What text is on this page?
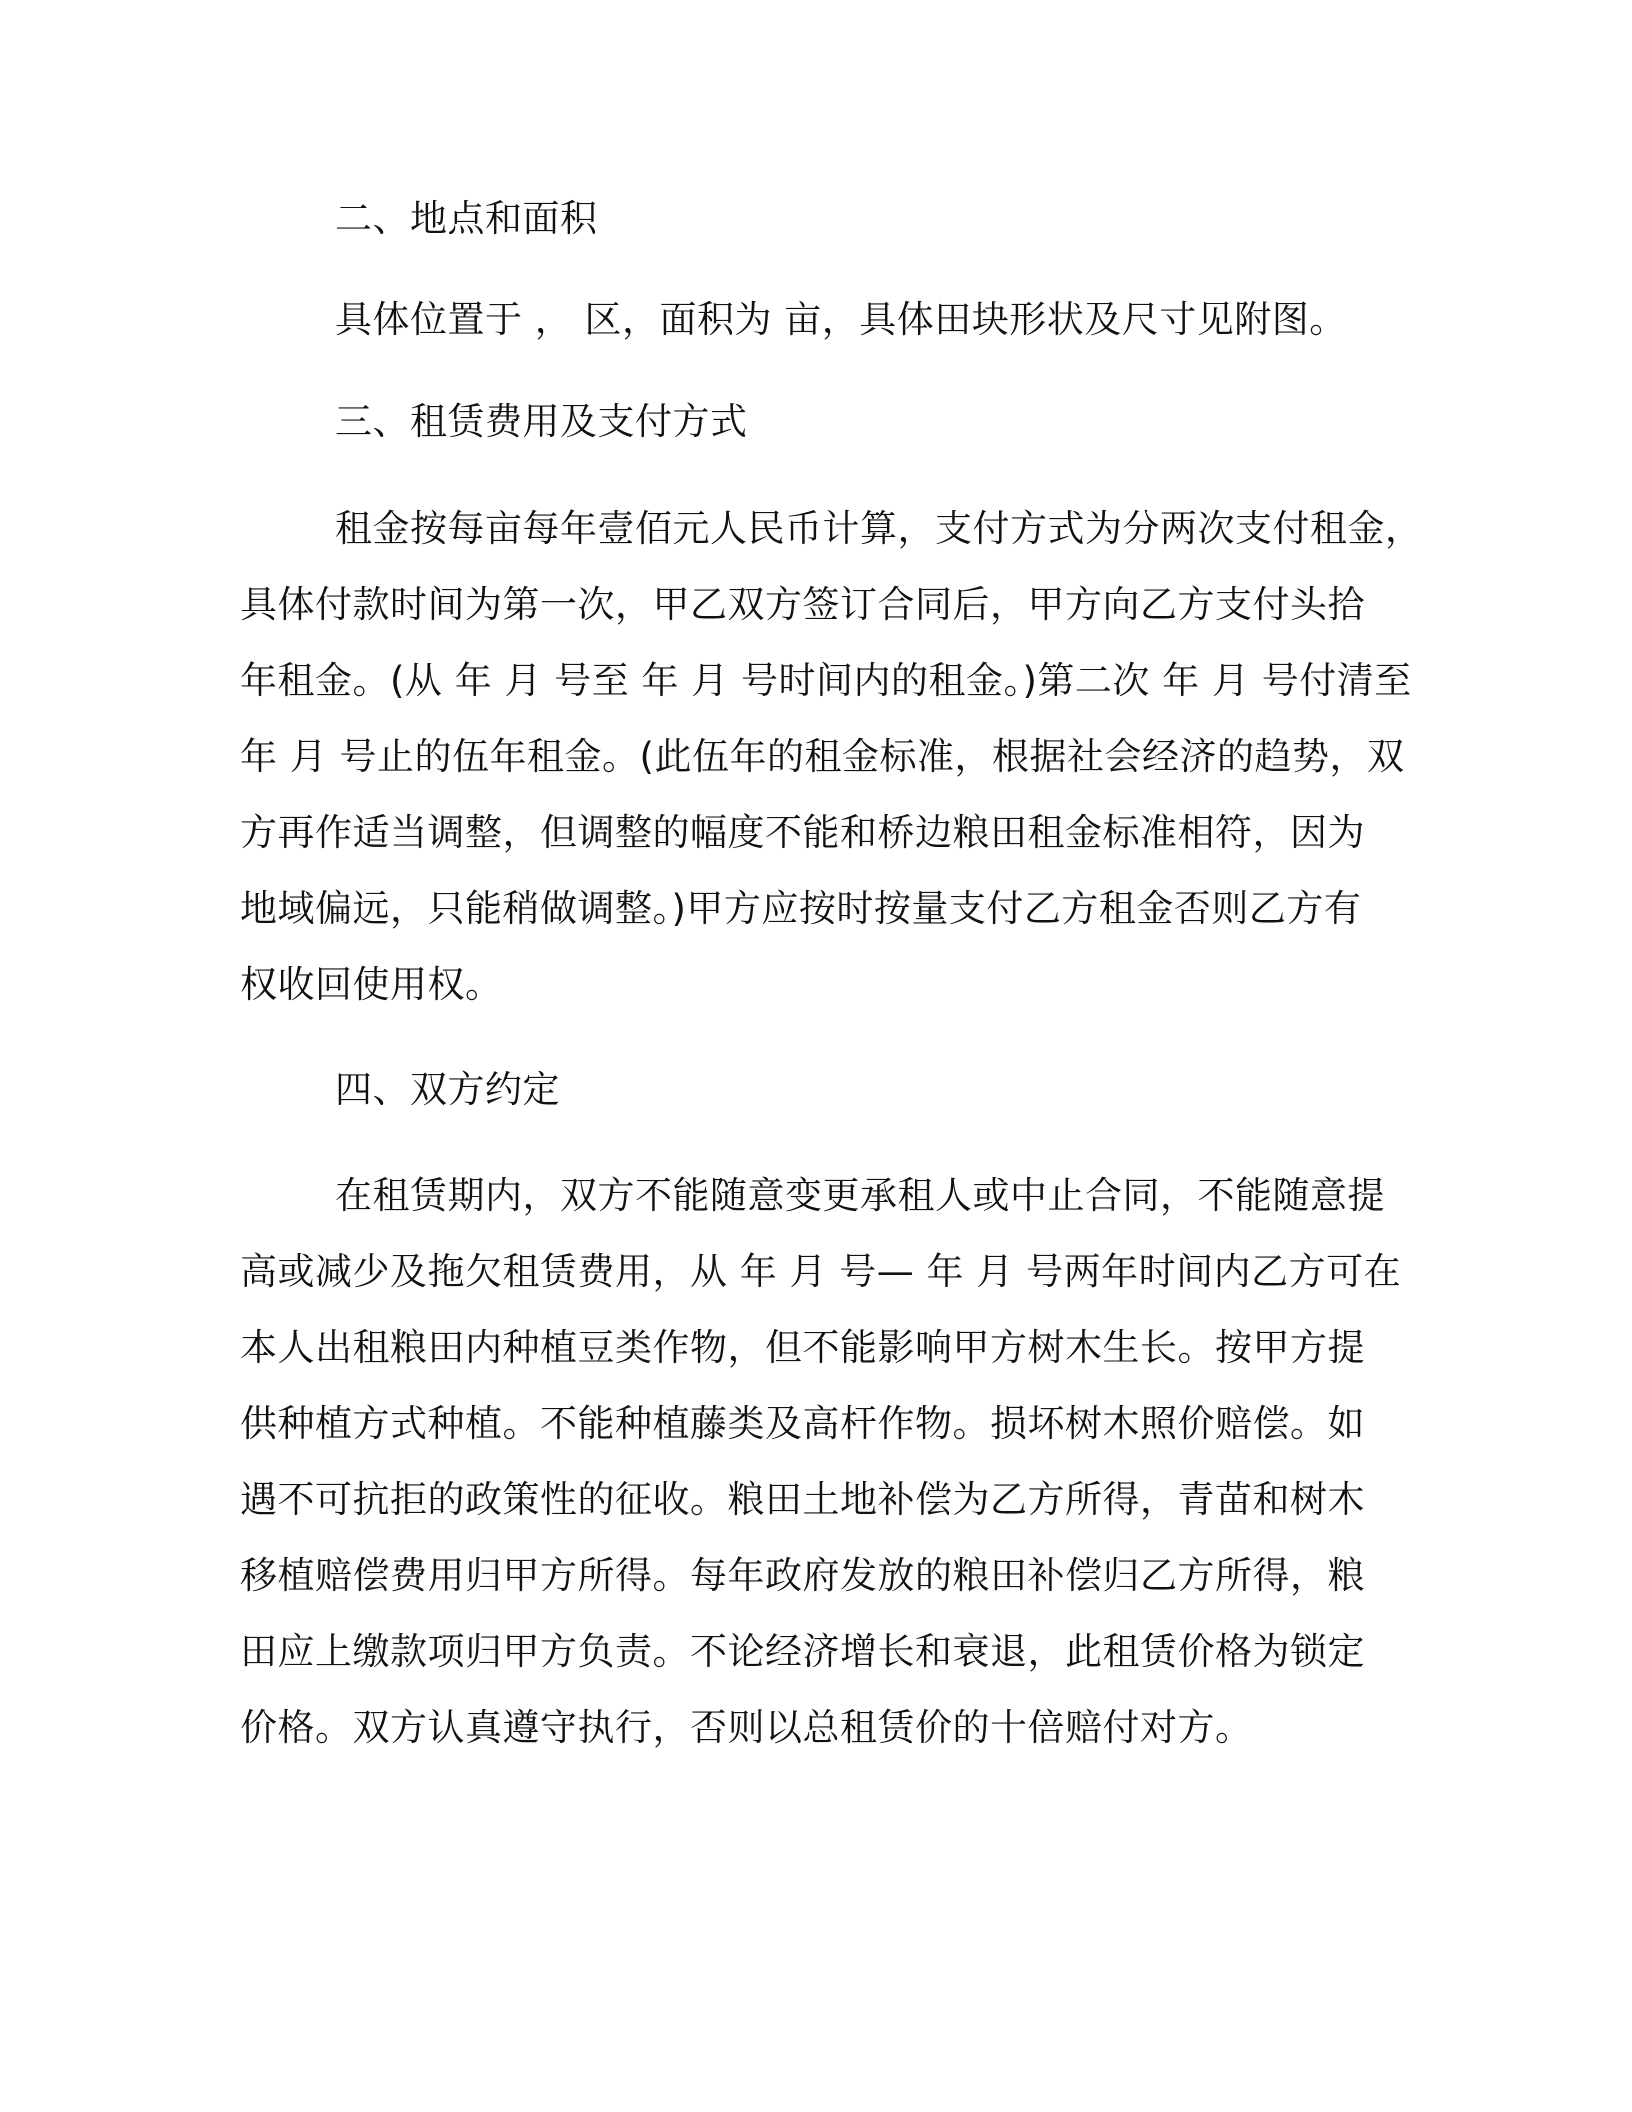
二、地点和面积
具体位置于 ， 区，面积为 亩，具体田块形状及尺寸见附图。
三、租赁费用及支付方式
租金按每亩每年壹佰元人民币计算，支付方式为分两次支付租金，
具体付款时间为第一次，甲乙双方签订合同后，甲方向乙方支付头拾
年租金。(从 年 月 号至 年 月 号时间内的租金。)第二次 年 月 号付清至
年 月 号止的伍年租金。(此伍年的租金标准，根据社会经济的趋势，双
方再作适当调整，但调整的幅度不能和桥边粮田租金标准相符，因为
地域偏远，只能稍做调整。)甲方应按时按量支付乙方租金否则乙方有
权收回使用权。
四、双方约定
在租赁期内，双方不能随意变更承租人或中止合同，不能随意提
高或减少及拖欠租赁费用，从 年 月 号— 年 月 号两年时间内乙方可在
本人出租粮田内种植豆类作物，但不能影响甲方树木生长。按甲方提
供种植方式种植。不能种植藤类及高杆作物。损坏树木照价赔偿。如
遇不可抗拒的政策性的征收。粮田土地补偿为乙方所得，青苗和树木
移植赔偿费用归甲方所得。每年政府发放的粮田补偿归乙方所得，粮
田应上缴款项归甲方负责。不论经济增长和衰退，此租赁价格为锁定
价格。双方认真遵守执行，否则以总租赁价的十倍赔付对方。
